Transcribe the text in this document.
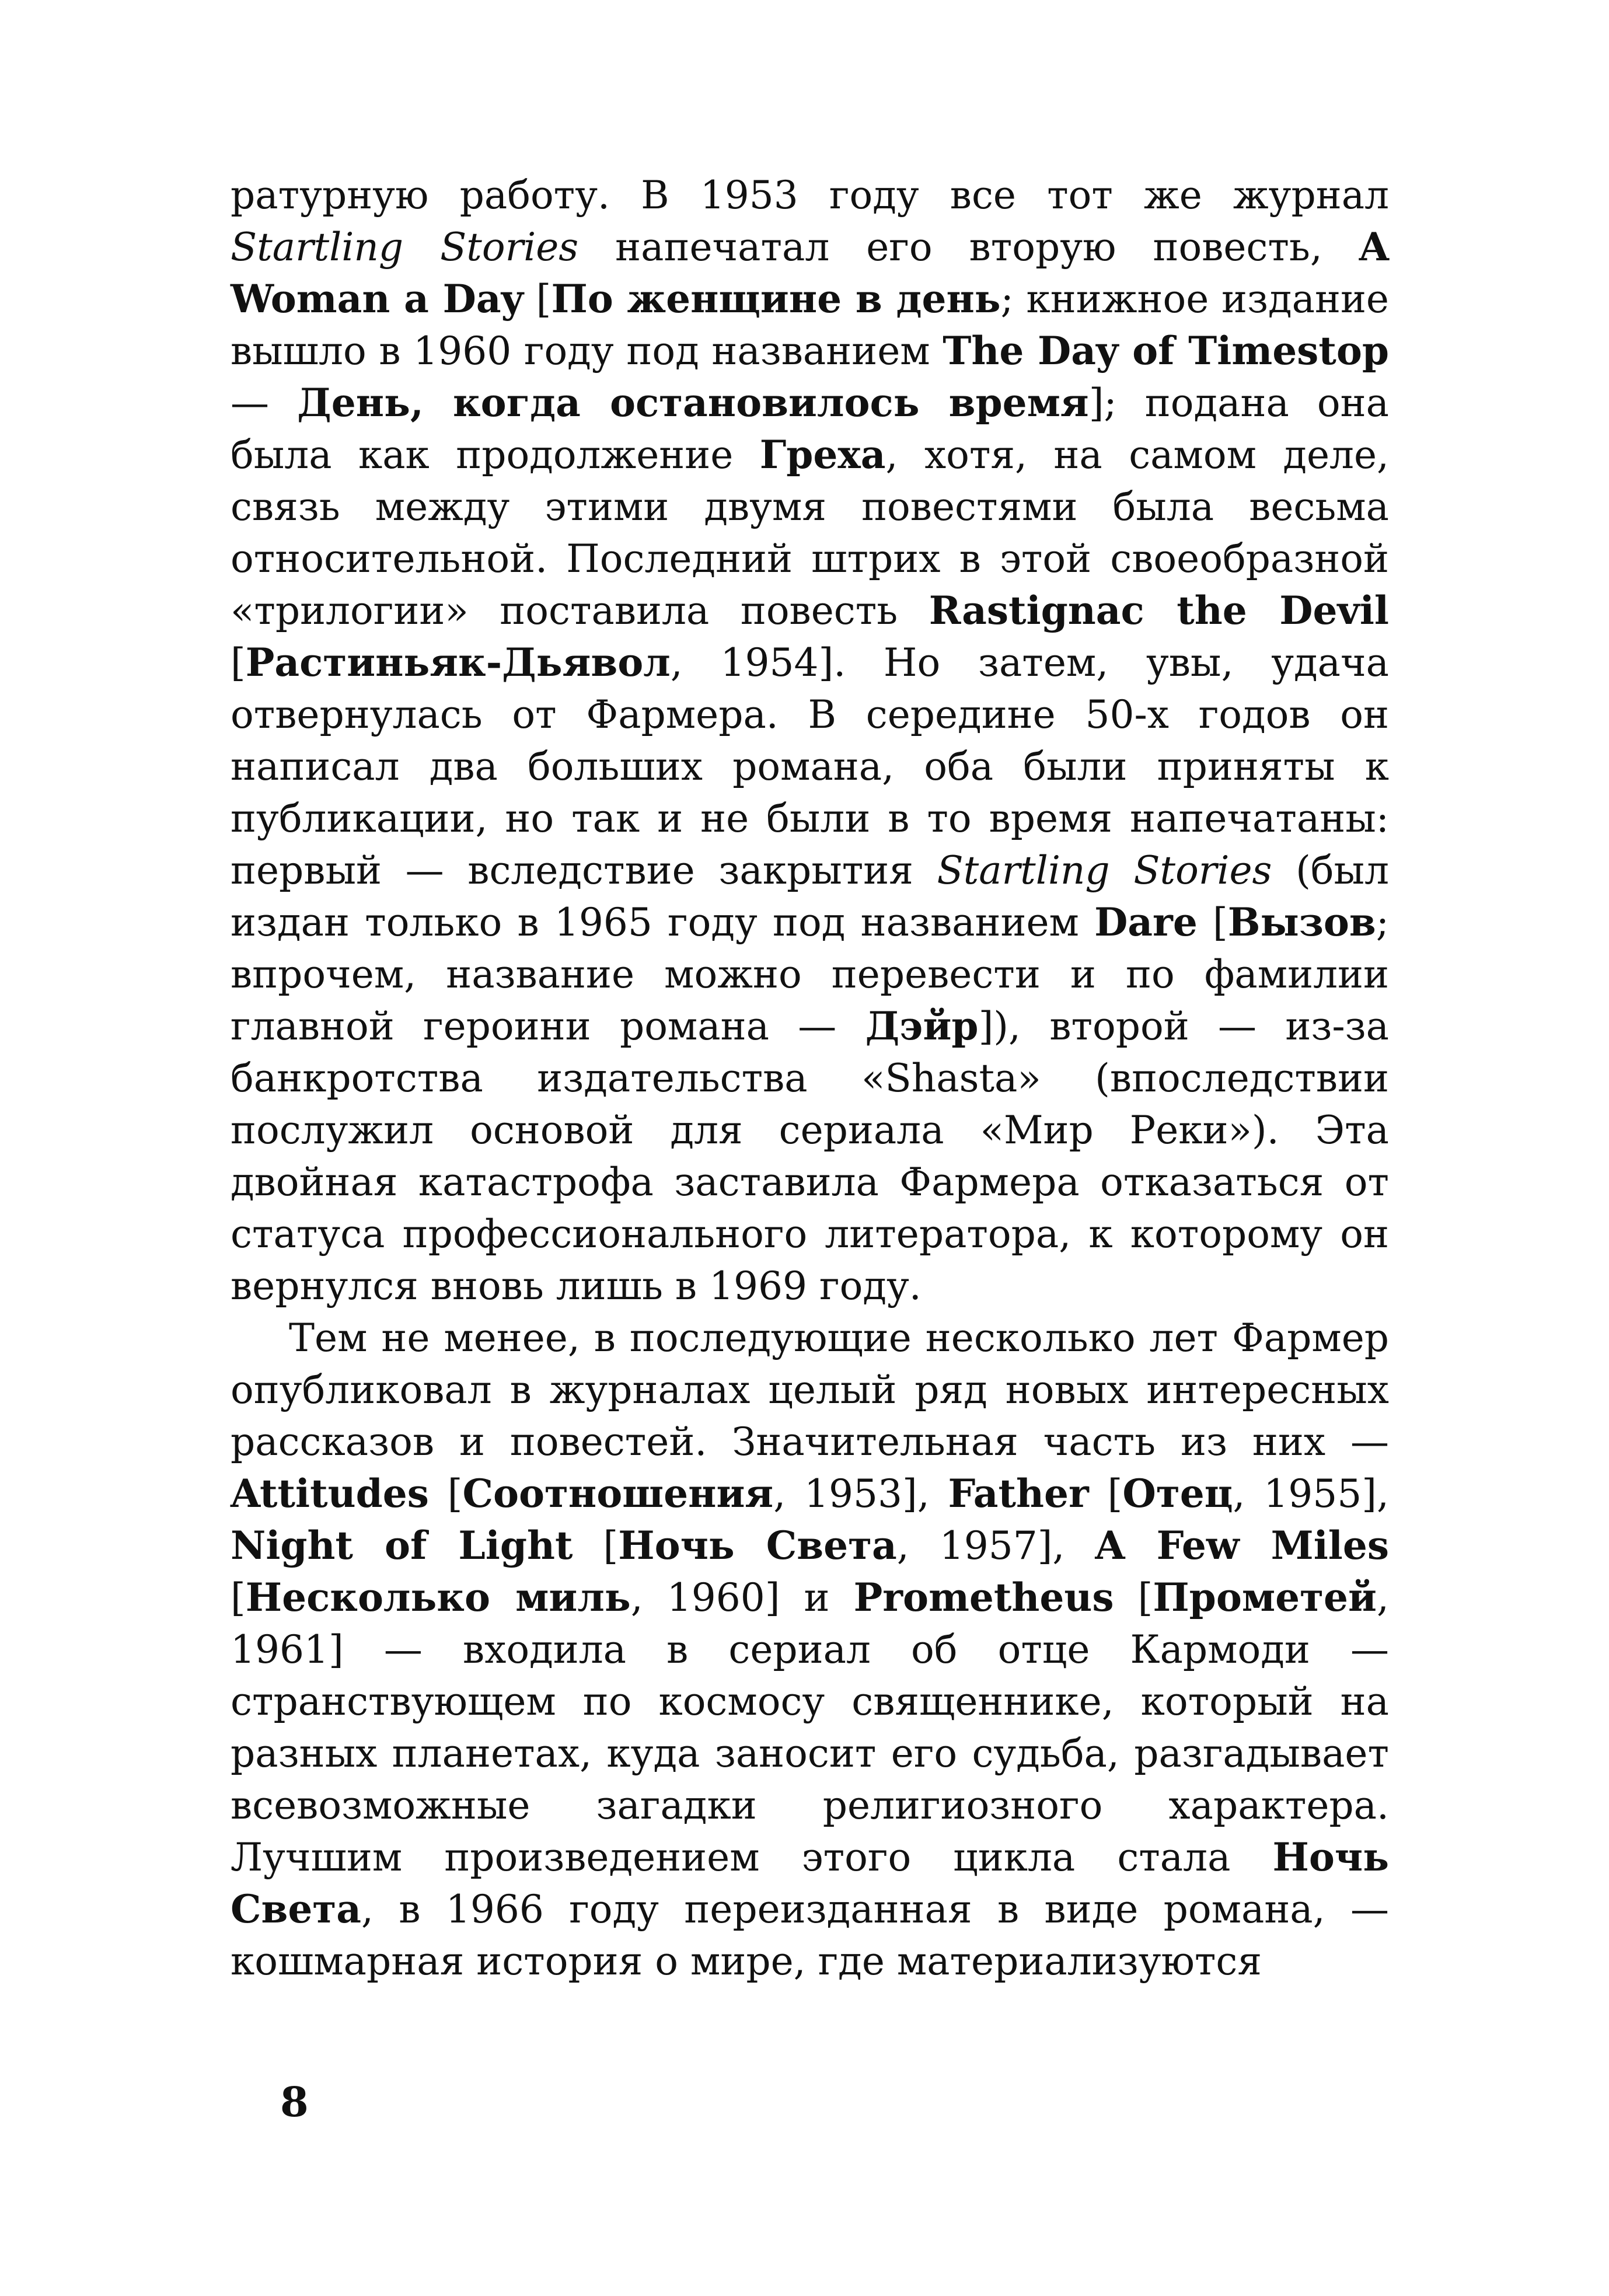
ратурную работу. В 1953 году все тот же журнал Startling Stories напечатал его вторую повесть, A Woman a Day [По женщине в день; книжное издание вышло в 1960 году под названием The Day of Timestop — День, когда остановилось время]; подана она была как продолжение Греха, хотя, на самом деле, связь между этими двумя повестями была весьма относительной. Последний штрих в этой своеобразной «трилогии» поставила повесть Rastignac the Devil [Растиньяк-Дьявол, 1954]. Но затем, увы, удача отвернулась от Фармера. В середине 50-х годов он написал два больших романа, оба были приняты к публикации, но так и не были в то время напечатаны: первый — вследствие закрытия Startling Stories (был издан только в 1965 году под названием Dare [Вызов; впрочем, название можно перевести и по фамилии главной героини романа — Дэйр]), второй — из-за банкротства издательства «Shasta» (впоследствии послужил основой для сериала «Мир Реки»). Эта двойная катастрофа заставила Фармера отказаться от статуса профессионального литератора, к которому он вернулся вновь лишь в 1969 году.

Тем не менее, в последующие несколько лет Фармер опубликовал в журналах целый ряд новых интересных рассказов и повестей. Значительная часть из них — Attitudes [Соотношения, 1953], Father [Отец, 1955], Night of Light [Ночь Света, 1957], A Few Miles [Несколько миль, 1960] и Prometheus [Прометей, 1961] — входила в сериал об отце Кармоди — странствующем по космосу священнике, который на разных планетах, куда заносит его судьба, разгадывает всевозможные загадки религиозного характера. Лучшим произведением этого цикла стала Ночь Света, в 1966 году переизданная в виде романа, — кошмарная история о мире, где материализуются

8
